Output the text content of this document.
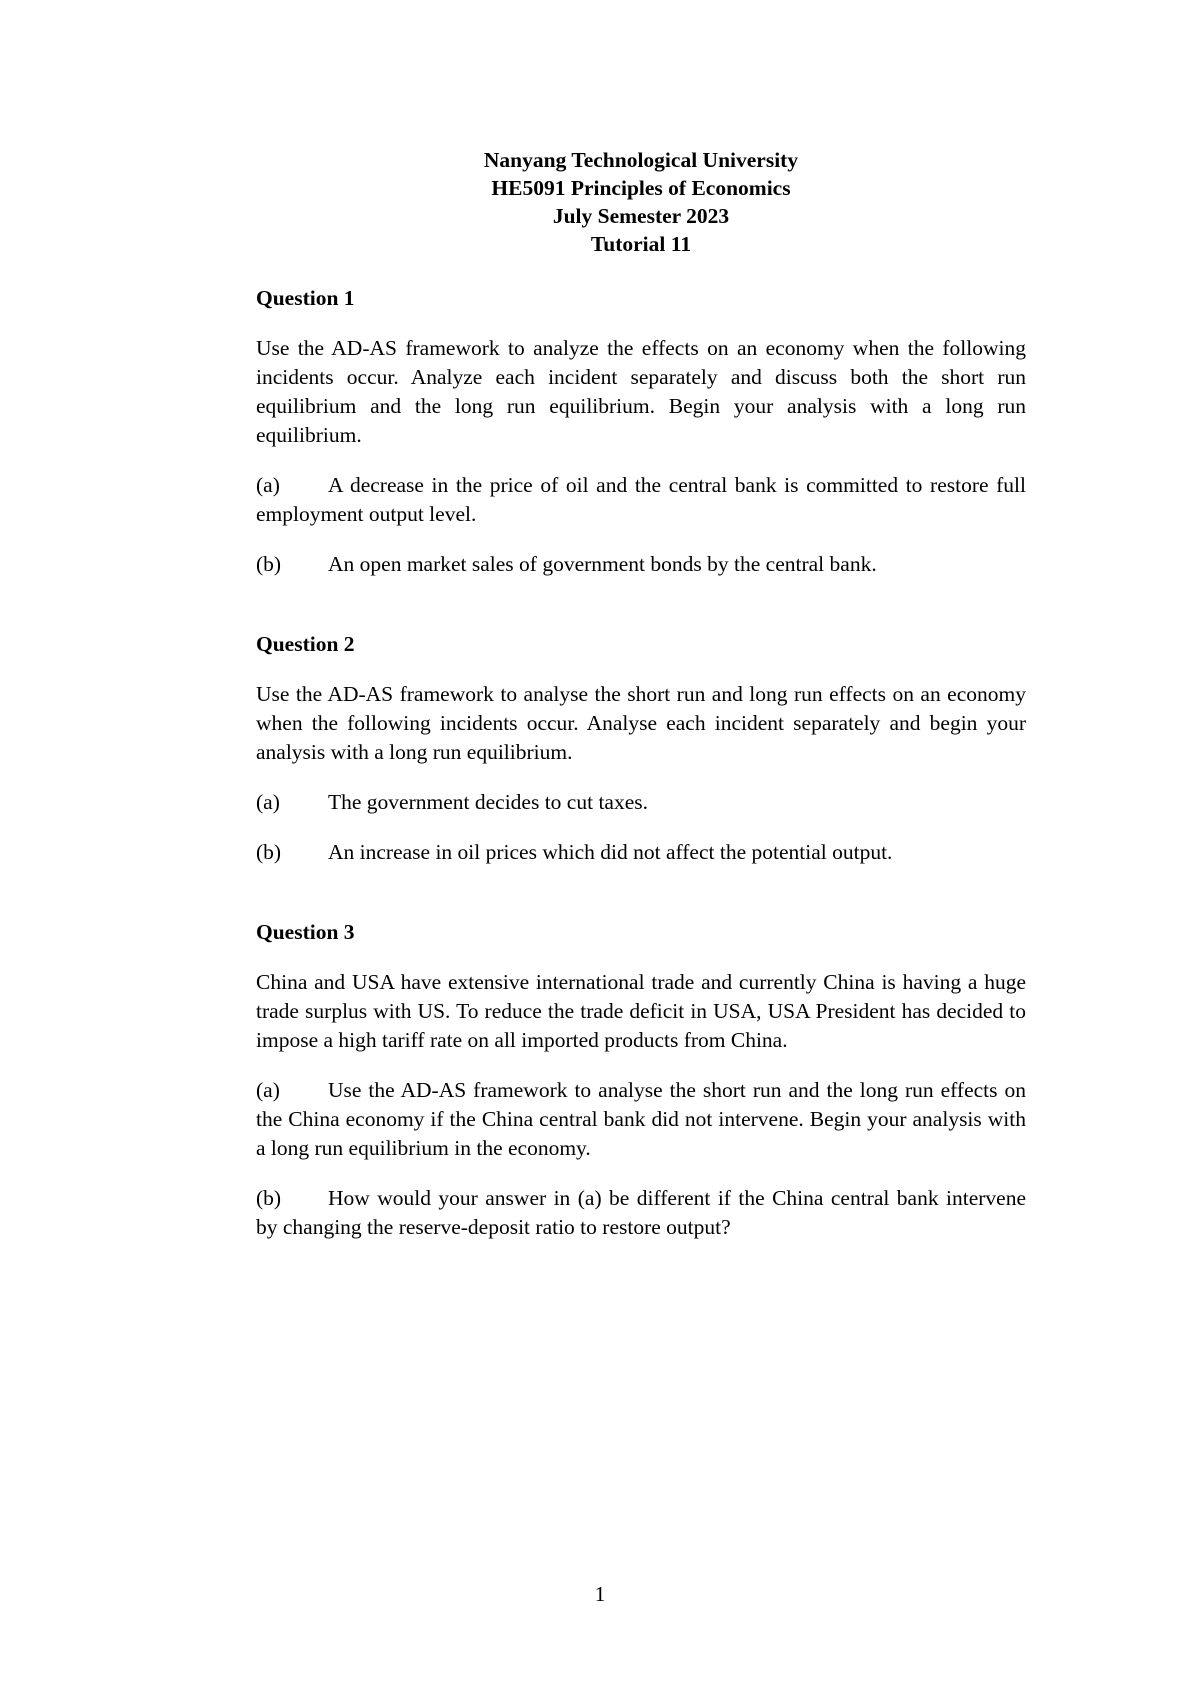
Nanyang Technological University
HE5091 Principles of Economics
July Semester 2023
Tutorial 11

Question 1

Use the AD-AS framework to analyze the effects on an economy when the following incidents occur. Analyze each incident separately and discuss both the short run equilibrium and the long run equilibrium. Begin your analysis with a long run equilibrium.

(a) A decrease in the price of oil and the central bank is committed to restore full employment output level.

(b) An open market sales of government bonds by the central bank.

Question 2

Use the AD-AS framework to analyse the short run and long run effects on an economy when the following incidents occur. Analyse each incident separately and begin your analysis with a long run equilibrium.

(a) The government decides to cut taxes.

(b) An increase in oil prices which did not affect the potential output.

Question 3

China and USA have extensive international trade and currently China is having a huge trade surplus with US. To reduce the trade deficit in USA, USA President has decided to impose a high tariff rate on all imported products from China.

(a) Use the AD-AS framework to analyse the short run and the long run effects on the China economy if the China central bank did not intervene. Begin your analysis with a long run equilibrium in the economy.

(b) How would your answer in (a) be different if the China central bank intervene by changing the reserve-deposit ratio to restore output?

1
